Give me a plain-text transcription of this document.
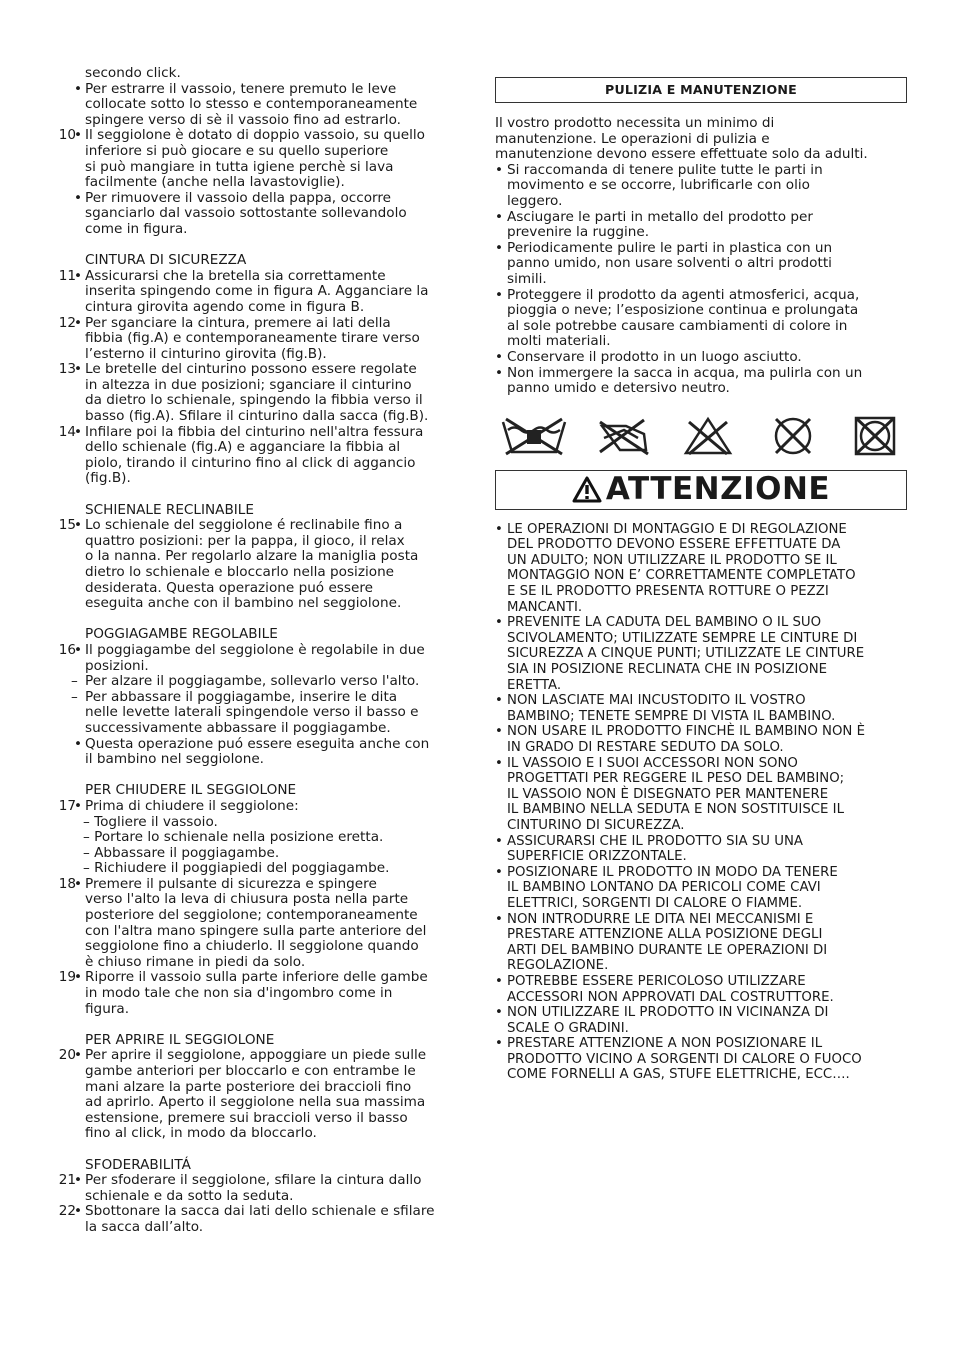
secondo click.
• Per estrarre il vassoio, tenere premuto le leve
collocate sotto lo stesso e contemporaneamente
spingere verso di sè il vassoio fino ad estrarlo.
10
• Il seggiolone è dotato di doppio vassoio, su quello
inferiore si può giocare e su quello superiore
si può mangiare in tutta igiene perchè si lava
facilmente (anche nella lavastoviglie).
• Per rimuovere il vassoio della pappa, occorre
sganciarlo dal vassoio sottostante sollevandolo
come in figura.
CINTURA DI SICUREZZA
11
• Assicurarsi che la bretella sia correttamente
inserita spingendo come in figura A. Agganciare la
cintura girovita agendo come in figura B.
12
• Per sganciare la cintura, premere ai lati della
fibbia (fig.A) e contemporaneamente tirare verso
l’esterno il cinturino girovita (fig.B).
13
• Le bretelle del cinturino possono essere regolate
in altezza in due posizioni; sganciare il cinturino
da dietro lo schienale, spingendo la fibbia verso il
basso (fig.A). Sfilare il cinturino dalla sacca (fig.B).
14
• Infilare poi la fibbia del cinturino nell'altra fessura
dello schienale (fig.A) e agganciare la fibbia al
piolo, tirando il cinturino fino al click di aggancio
(fig.B).
SCHIENALE RECLINABILE
15
• Lo schienale del seggiolone é reclinabile fino a
quattro posizioni: per la pappa, il gioco, il relax
o la nanna. Per regolarlo alzare la maniglia posta
dietro lo schienale e bloccarlo nella posizione
desiderata. Questa operazione puó essere
eseguita anche con il bambino nel seggiolone.
POGGIAGAMBE REGOLABILE
16
• Il poggiagambe del seggiolone è regolabile in due
posizioni.
– Per alzare il poggiagambe, sollevarlo verso l'alto.
– Per abbassare il poggiagambe, inserire le dita
nelle levette laterali spingendole verso il basso e
successivamente abbassare il poggiagambe.
• Questa operazione puó essere eseguita anche con
il bambino nel seggiolone.
PER CHIUDERE IL SEGGIOLONE
17
• Prima di chiudere il seggiolone:
– Togliere il vassoio.
– Portare lo schienale nella posizione eretta.
– Abbassare il poggiagambe.
– Richiudere il poggiapiedi del poggiagambe.
18
• Premere il pulsante di sicurezza e spingere
verso l'alto la leva di chiusura posta nella parte
posteriore del seggiolone; contemporaneamente
con l'altra mano spingere sulla parte anteriore del
seggiolone fino a chiuderlo. Il seggiolone quando
è chiuso rimane in piedi da solo.
19
• Riporre il vassoio sulla parte inferiore delle gambe
in modo tale che non sia d'ingombro come in
figura.
PER APRIRE IL SEGGIOLONE
20
• Per aprire il seggiolone, appoggiare un piede sulle
gambe anteriori per bloccarlo e con entrambe le
mani alzare la parte posteriore dei braccioli fino
ad aprirlo. Aperto il seggiolone nella sua massima
estensione, premere sui braccioli verso il basso
fino al click, in modo da bloccarlo.
SFODERABILITÁ
21
• Per sfoderare il seggiolone, sfilare la cintura dallo
schienale e da sotto la seduta.
22
• Sbottonare la sacca dai lati dello schienale e sfilare
la sacca dall’alto.
PULIZIA E MANUTENZIONE
Il vostro prodotto necessita un minimo di
manutenzione. Le operazioni di pulizia e
manutenzione devono essere effettuate solo da adulti.
• Si raccomanda di tenere pulite tutte le parti in
movimento e se occorre, lubrificarle con olio
leggero.
• Asciugare le parti in metallo del prodotto per
prevenire la ruggine.
• Periodicamente pulire le parti in plastica con un
panno umido, non usare solventi o altri prodotti
simili.
• Proteggere il prodotto da agenti atmosferici, acqua,
pioggia o neve; l’esposizione continua e prolungata
al sole potrebbe causare cambiamenti di colore in
molti materiali.
• Conservare il prodotto in un luogo asciutto.
• Non immergere la sacca in acqua, ma pulirla con un
panno umido e detersivo neutro.
ATTENZIONE
• LE OPERAZIONI DI MONTAGGIO E DI REGOLAZIONE
DEL PRODOTTO DEVONO ESSERE EFFETTUATE DA
UN ADULTO; NON UTILIZZARE IL PRODOTTO SE IL
MONTAGGIO NON E’ CORRETTAMENTE COMPLETATO
E SE IL PRODOTTO PRESENTA ROTTURE O PEZZI
MANCANTI.
• PREVENITE LA CADUTA DEL BAMBINO O IL SUO
SCIVOLAMENTO; UTILIZZATE SEMPRE LE CINTURE DI
SICUREZZA A CINQUE PUNTI; UTILIZZATE LE CINTURE
SIA IN POSIZIONE RECLINATA CHE IN POSIZIONE
ERETTA.
• NON LASCIATE MAI INCUSTODITO IL VOSTRO
BAMBINO; TENETE SEMPRE DI VISTA IL BAMBINO.
• NON USARE IL PRODOTTO FINCHÈ IL BAMBINO NON È
IN GRADO DI RESTARE SEDUTO DA SOLO.
• IL VASSOIO E I SUOI ACCESSORI NON SONO
PROGETTATI PER REGGERE IL PESO DEL BAMBINO;
IL VASSOIO NON È DISEGNATO PER MANTENERE
IL BAMBINO NELLA SEDUTA E NON SOSTITUISCE IL
CINTURINO DI SICUREZZA.
• ASSICURARSI CHE IL PRODOTTO SIA SU UNA
SUPERFICIE ORIZZONTALE.
• POSIZIONARE IL PRODOTTO IN MODO DA TENERE
IL BAMBINO LONTANO DA PERICOLI COME CAVI
ELETTRICI, SORGENTI DI CALORE O FIAMME.
• NON INTRODURRE LE DITA NEI MECCANISMI E
PRESTARE ATTENZIONE ALLA POSIZIONE DEGLI
ARTI DEL BAMBINO DURANTE LE OPERAZIONI DI
REGOLAZIONE.
• POTREBBE ESSERE PERICOLOSO UTILIZZARE
ACCESSORI NON APPROVATI DAL COSTRUTTORE.
• NON UTILIZZARE IL PRODOTTO IN VICINANZA DI
SCALE O GRADINI.
• PRESTARE ATTENZIONE A NON POSIZIONARE IL
PRODOTTO VICINO A SORGENTI DI CALORE O FUOCO
COME FORNELLI A GAS, STUFE ELETTRICHE, ECC….
